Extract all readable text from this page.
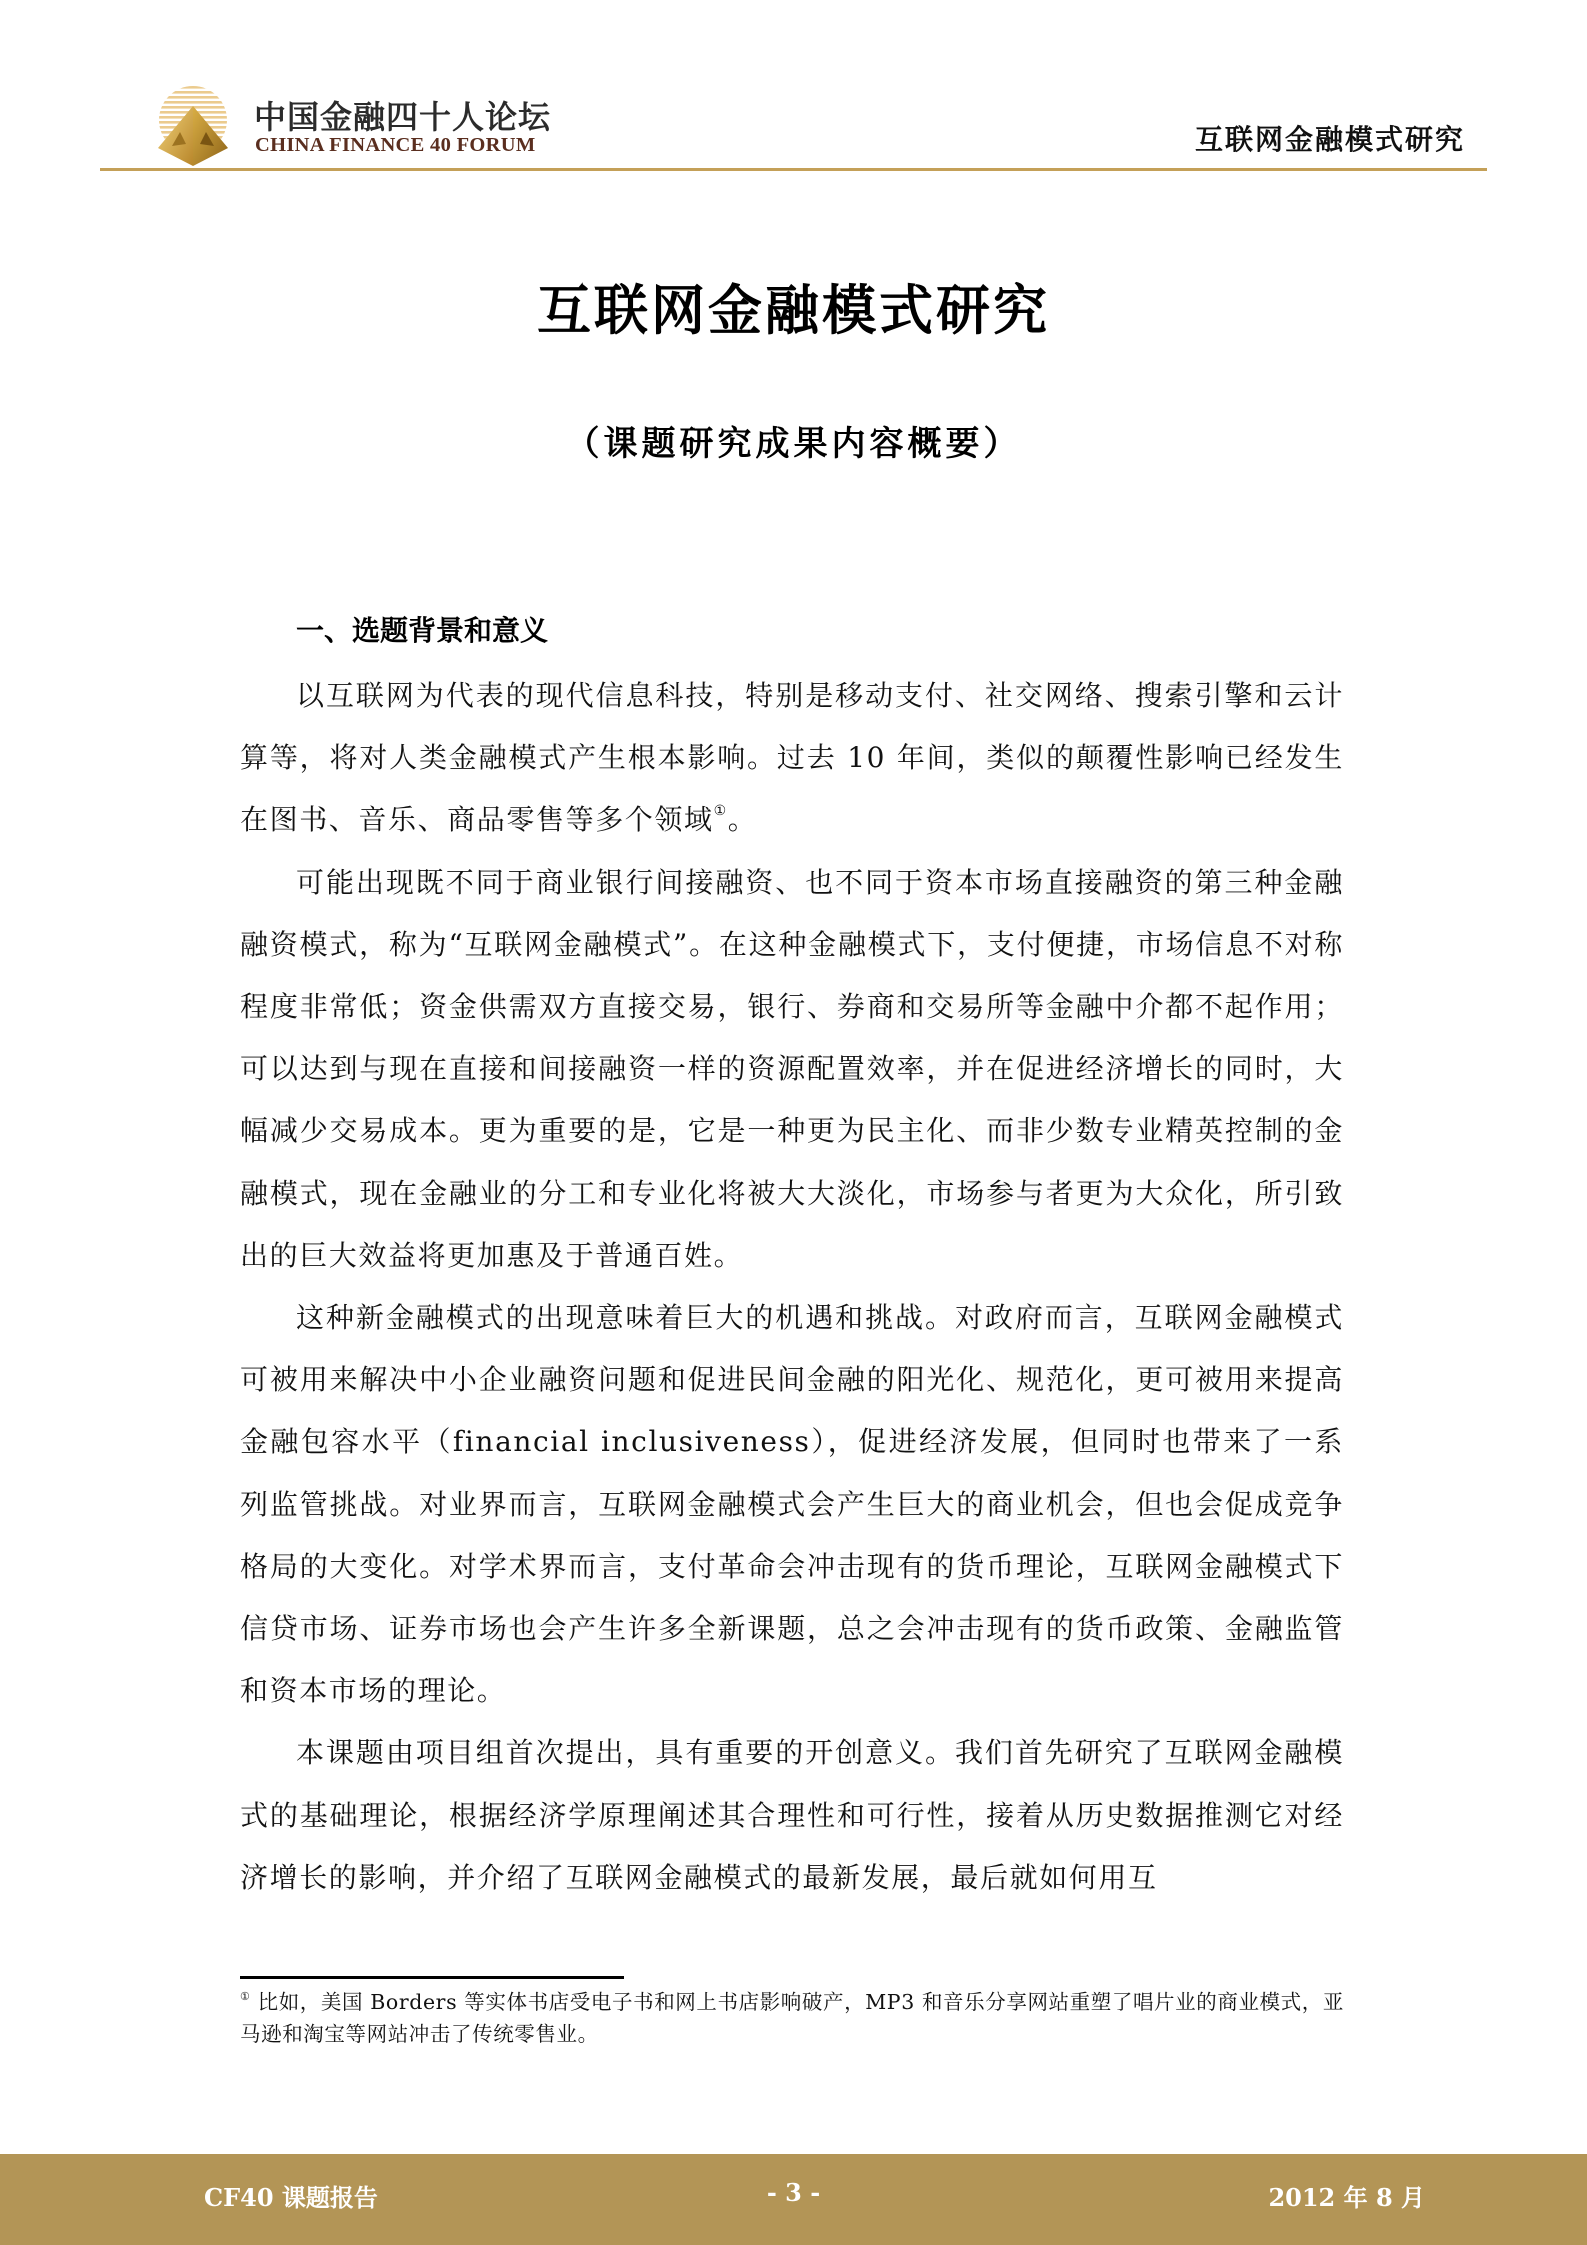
中国金融四十人论坛
CHINA FINANCE 40 FORUM	互联网金融模式研究
互联网金融模式研究
（课题研究成果内容概要）
一、选题背景和意义

以互联网为代表的现代信息科技，特别是移动支付、社交网络、搜索引擎和云计算等，将对人类金融模式产生根本影响。过去 10 年间，类似的颠覆性影响已经发生在图书、音乐、商品零售等多个领域①。

可能出现既不同于商业银行间接融资、也不同于资本市场直接融资的第三种金融融资模式，称为“互联网金融模式”。在这种金融模式下，支付便捷，市场信息不对称程度非常低；资金供需双方直接交易，银行、券商和交易所等金融中介都不起作用；可以达到与现在直接和间接融资一样的资源配置效率，并在促进经济增长的同时，大幅减少交易成本。更为重要的是，它是一种更为民主化、而非少数专业精英控制的金融模式，现在金融业的分工和专业化将被大大淡化，市场参与者更为大众化，所引致出的巨大效益将更加惠及于普通百姓。

这种新金融模式的出现意味着巨大的机遇和挑战。对政府而言，互联网金融模式可被用来解决中小企业融资问题和促进民间金融的阳光化、规范化，更可被用来提高金融包容水平（financial inclusiveness），促进经济发展，但同时也带来了一系列监管挑战。对业界而言，互联网金融模式会产生巨大的商业机会，但也会促成竞争格局的大变化。对学术界而言，支付革命会冲击现有的货币理论，互联网金融模式下信贷市场、证券市场也会产生许多全新课题，总之会冲击现有的货币政策、金融监管和资本市场的理论。

本课题由项目组首次提出，具有重要的开创意义。我们首先研究了互联网金融模式的基础理论，根据经济学原理阐述其合理性和可行性，接着从历史数据推测它对经济增长的影响，并介绍了互联网金融模式的最新发展，最后就如何用互

① 比如，美国 Borders 等实体书店受电子书和网上书店影响破产，MP3 和音乐分享网站重塑了唱片业的商业模式，亚马逊和淘宝等网站冲击了传统零售业。
CF40 课题报告	- 3 -	2012 年 8 月
